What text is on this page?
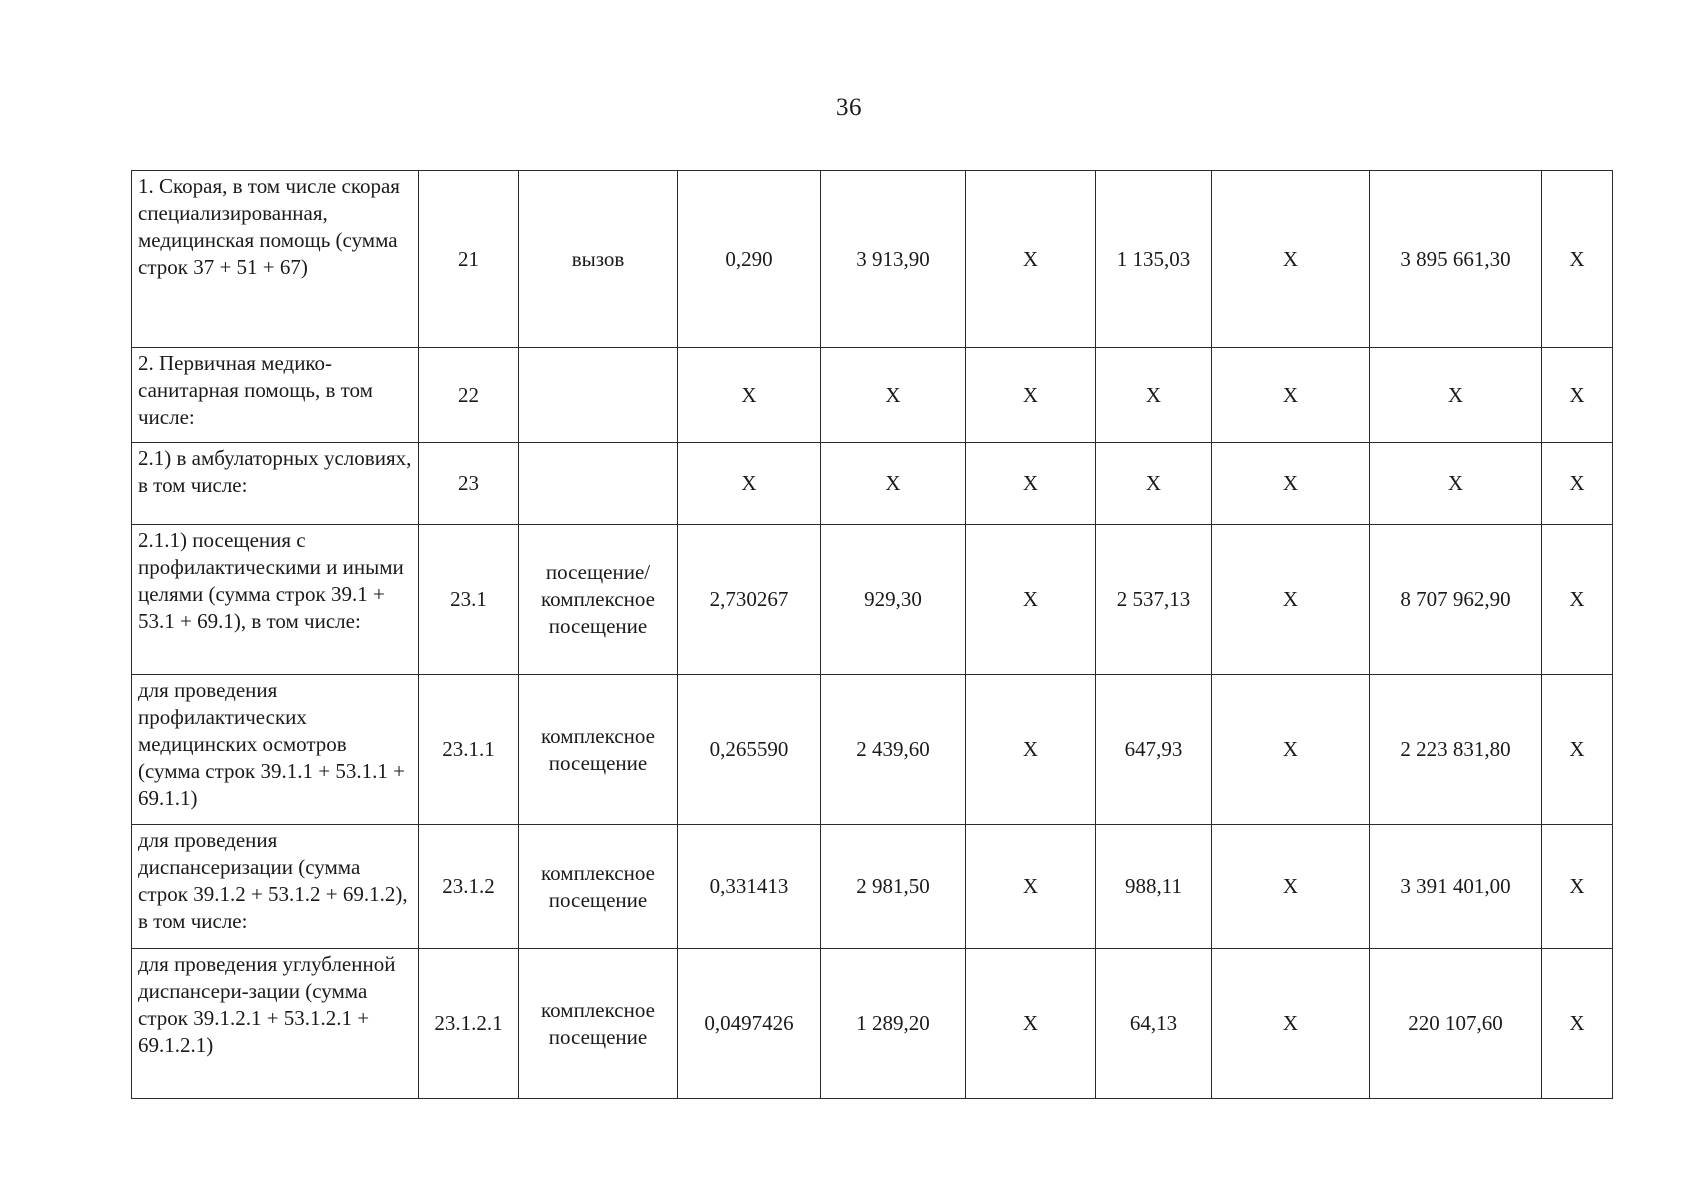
36
1. Скорая, в том числе скорая специализированная, медицинская помощь (сумма строк 37 + 51 + 67)	21	вызов	0,290	3 913,90	Х	1 135,03	Х	3 895 661,30	Х
2. Первичная медико-санитарная помощь, в том числе:	22		Х	Х	Х	Х	Х	Х	Х
2.1) в амбулаторных условиях, в том числе:	23		Х	Х	Х	Х	Х	Х	Х
2.1.1) посещения с профилактическими и иными целями (сумма строк 39.1 + 53.1 + 69.1), в том числе:	23.1	посещение/ комплексное посещение	2,730267	929,30	Х	2 537,13	Х	8 707 962,90	Х
для проведения профилактических медицинских осмотров (сумма строк 39.1.1 + 53.1.1 + 69.1.1)	23.1.1	комплексное посещение	0,265590	2 439,60	Х	647,93	Х	2 223 831,80	Х
для проведения диспансеризации (сумма строк 39.1.2 + 53.1.2 + 69.1.2), в том числе:	23.1.2	комплексное посещение	0,331413	2 981,50	Х	988,11	Х	3 391 401,00	Х
для проведения углубленной диспансери-зации (сумма строк 39.1.2.1 + 53.1.2.1 + 69.1.2.1)	23.1.2.1	комплексное посещение	0,0497426	1 289,20	Х	64,13	Х	220 107,60	Х
